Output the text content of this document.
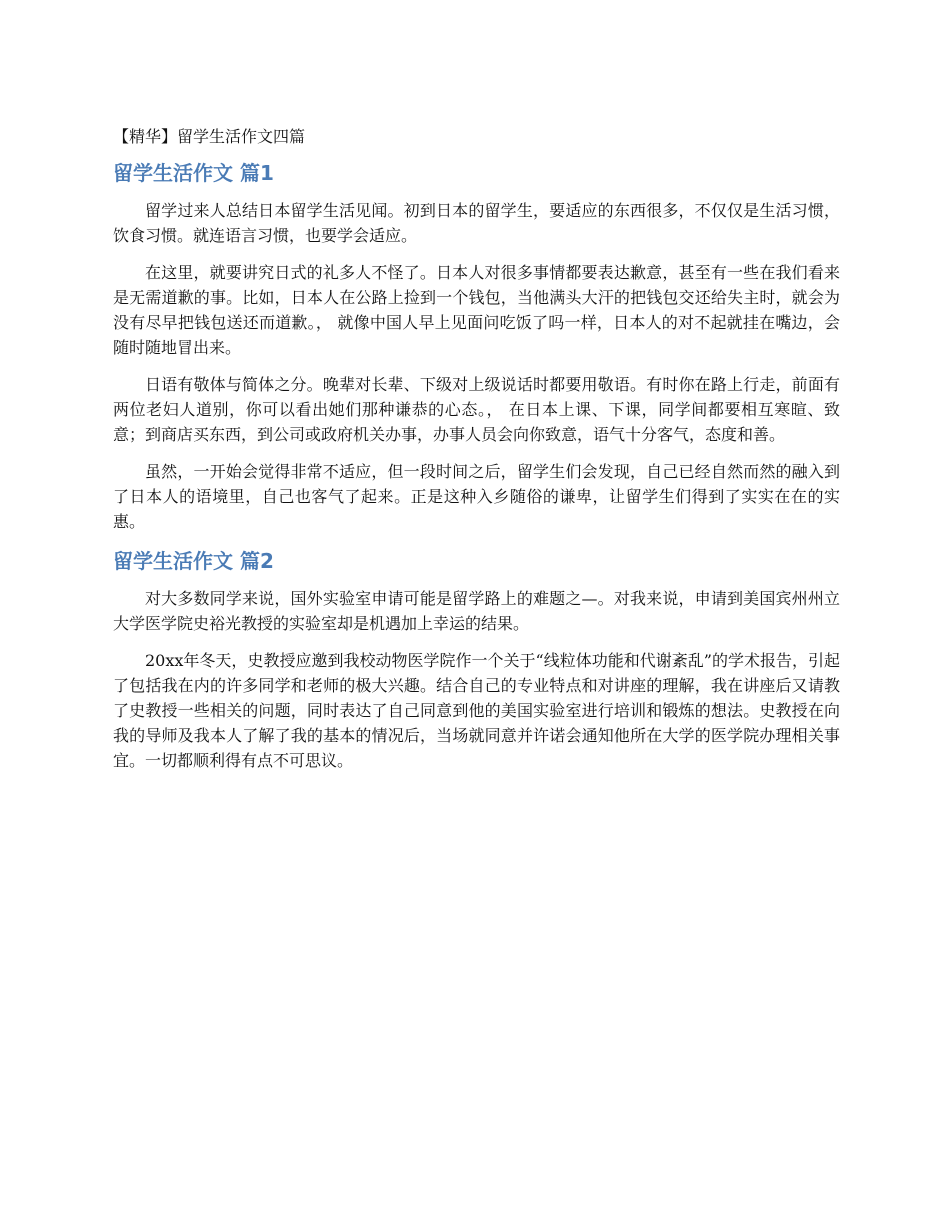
【精华】留学生活作文四篇
留学生活作文 篇1

留学过来人总结日本留学生活见闻。初到日本的留学生，要适应的东西很多，不仅仅是生活习惯，饮食习惯。就连语言习惯，也要学会适应。

在这里，就要讲究日式的礼多人不怪了。日本人对很多事情都要表达歉意，甚至有一些在我们看来是无需道歉的事。比如，日本人在公路上捡到一个钱包，当他满头大汗的把钱包交还给失主时，就会为没有尽早把钱包送还而道歉。， 就像中国人早上见面问吃饭了吗一样，日本人的对不起就挂在嘴边，会随时随地冒出来。

日语有敬体与简体之分。晚辈对长辈、下级对上级说话时都要用敬语。有时你在路上行走，前面有两位老妇人道别，你可以看出她们那种谦恭的心态。， 在日本上课、下课，同学间都要相互寒暄、致意；到商店买东西，到公司或政府机关办事，办事人员会向你致意，语气十分客气，态度和善。

虽然，一开始会觉得非常不适应，但一段时间之后，留学生们会发现，自己已经自然而然的融入到了日本人的语境里，自己也客气了起来。正是这种入乡随俗的谦卑，让留学生们得到了实实在在的实惠。

留学生活作文 篇2

对大多数同学来说，国外实验室申请可能是留学路上的难题之—。对我来说，申请到美国宾州州立大学医学院史裕光教授的实验室却是机遇加上幸运的结果。

20xx年冬天，史教授应邀到我校动物医学院作一个关于“线粒体功能和代谢紊乱”的学术报告，引起了包括我在内的许多同学和老师的极大兴趣。结合自己的专业特点和对讲座的理解，我在讲座后又请教了史教授一些相关的问题，同时表达了自己同意到他的美国实验室进行培训和锻炼的想法。史教授在向我的导师及我本人了解了我的基本的情况后，当场就同意并许诺会通知他所在大学的医学院办理相关事宜。一切都顺利得有点不可思议。
